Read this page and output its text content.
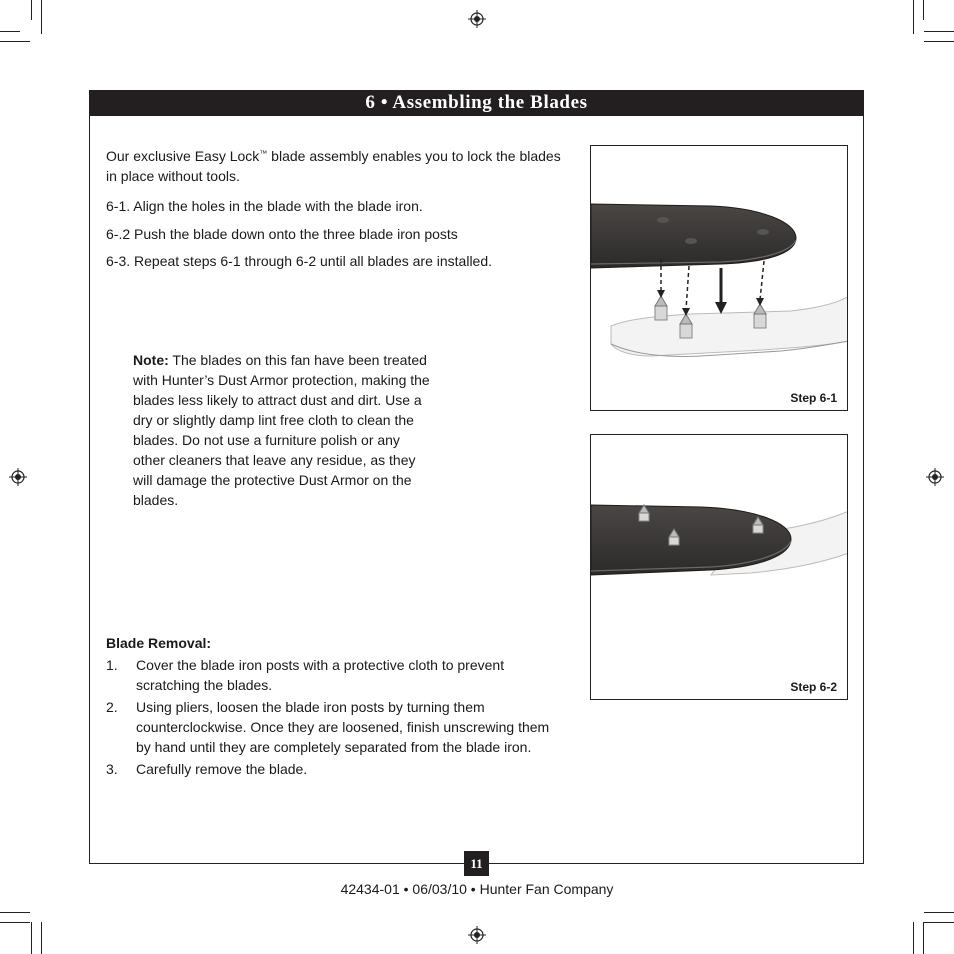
6 • Assembling the Blades
Our exclusive Easy Lock™ blade assembly enables you to lock the blades in place without tools.
6-1. Align the holes in the blade with the blade iron.
6-.2 Push the blade down onto the three blade iron posts
6-3. Repeat steps 6-1 through 6-2 until all blades are installed.
Note: The blades on this fan have been treated with Hunter’s Dust Armor protection, making the blades less likely to attract dust and dirt. Use a dry or slightly damp lint free cloth to clean the blades. Do not use a furniture polish or any other cleaners that leave any residue, as they will damage the protective Dust Armor on the blades.
Blade Removal:
1.	Cover the blade iron posts with a protective cloth to prevent scratching the blades.
2.	Using pliers, loosen the blade iron posts by turning them counterclockwise. Once they are loosened, finish unscrewing them by hand until they are completely separated from the blade iron.
3.	Carefully remove the blade.
Step 6-1
Step 6-2
11
42434-01 • 06/03/10 • Hunter Fan Company
